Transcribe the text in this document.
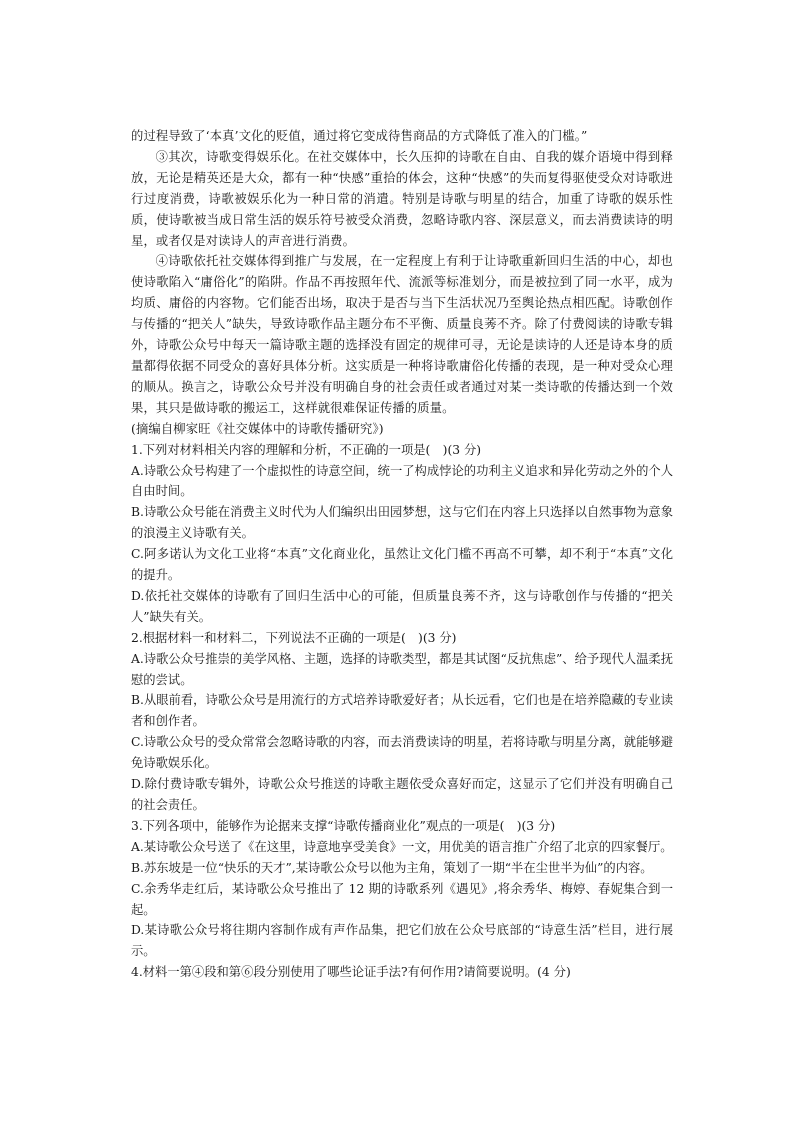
的过程导致了‘本真’文化的贬值，通过将它变成待售商品的方式降低了准入的门槛。”

③其次，诗歌变得娱乐化。在社交媒体中，长久压抑的诗歌在自由、自我的媒介语境中得到释放，无论是精英还是大众，都有一种“快感”重拾的体会，这种“快感”的失而复得驱使受众对诗歌进行过度消费，诗歌被娱乐化为一种日常的消遣。特别是诗歌与明星的结合，加重了诗歌的娱乐性质，使诗歌被当成日常生活的娱乐符号被受众消费，忽略诗歌内容、深层意义，而去消费读诗的明星，或者仅是对读诗人的声音进行消费。

④诗歌依托社交媒体得到推广与发展，在一定程度上有利于让诗歌重新回归生活的中心，却也使诗歌陷入“庸俗化”的陷阱。作品不再按照年代、流派等标准划分，而是被拉到了同一水平，成为均质、庸俗的内容物。它们能否出场，取决于是否与当下生活状况乃至舆论热点相匹配。诗歌创作与传播的“把关人”缺失，导致诗歌作品主题分布不平衡、质量良莠不齐。除了付费阅读的诗歌专辑外，诗歌公众号中每天一篇诗歌主题的选择没有固定的规律可寻，无论是读诗的人还是诗本身的质量都得依据不同受众的喜好具体分析。这实质是一种将诗歌庸俗化传播的表现，是一种对受众心理的顺从。换言之，诗歌公众号并没有明确自身的社会责任或者通过对某一类诗歌的传播达到一个效果，其只是做诗歌的搬运工，这样就很难保证传播的质量。

(摘编自柳家旺《社交媒体中的诗歌传播研究》)

1.下列对材料相关内容的理解和分析，不正确的一项是(　)(3 分)

A.诗歌公众号构建了一个虚拟性的诗意空间，统一了构成悖论的功利主义追求和异化劳动之外的个人自由时间。

B.诗歌公众号能在消费主义时代为人们编织出田园梦想，这与它们在内容上只选择以自然事物为意象的浪漫主义诗歌有关。

C.阿多诺认为文化工业将“本真”文化商业化，虽然让文化门槛不再高不可攀，却不利于“本真”文化的提升。

D.依托社交媒体的诗歌有了回归生活中心的可能，但质量良莠不齐，这与诗歌创作与传播的“把关人”缺失有关。

2.根据材料一和材料二，下列说法不正确的一项是(　)(3 分)

A.诗歌公众号推崇的美学风格、主题，选择的诗歌类型，都是其试图“反抗焦虑”、给予现代人温柔抚慰的尝试。

B.从眼前看，诗歌公众号是用流行的方式培养诗歌爱好者；从长远看，它们也是在培养隐藏的专业读者和创作者。

C.诗歌公众号的受众常常会忽略诗歌的内容，而去消费读诗的明星，若将诗歌与明星分离，就能够避免诗歌娱乐化。

D.除付费诗歌专辑外，诗歌公众号推送的诗歌主题依受众喜好而定，这显示了它们并没有明确自己的社会责任。

3.下列各项中，能够作为论据来支撑“诗歌传播商业化”观点的一项是(　)(3 分)

A.某诗歌公众号送了《在这里，诗意地享受美食》一文，用优美的语言推广介绍了北京的四家餐厅。

B.苏东坡是一位“快乐的天才”,某诗歌公众号以他为主角，策划了一期“半在尘世半为仙”的内容。

C.余秀华走红后，某诗歌公众号推出了 12 期的诗歌系列《遇见》,将余秀华、梅婷、春妮集合到一起。

D.某诗歌公众号将往期内容制作成有声作品集，把它们放在公众号底部的“诗意生活”栏目，进行展示。

4.材料一第④段和第⑥段分别使用了哪些论证手法?有何作用?请简要说明。(4 分)
